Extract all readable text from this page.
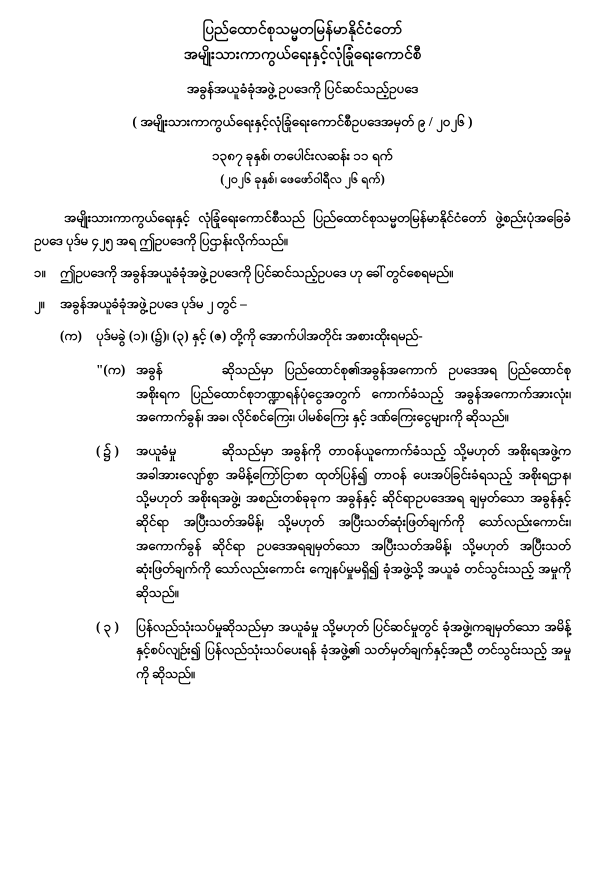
ပြည်ထောင်စုသမ္မတမြန်မာနိုင်ငံတော်
အမျိုးသားကာကွယ်ရေးနှင့်လုံခြုံရေးကောင်စီ
အခွန်အယူခံခုံအဖွဲ့ ဥပဒေကို ပြင်ဆင်သည့်ဥပဒေ
( အမျိုးသားကာကွယ်ရေးနှင့်လုံခြုံရေးကောင်စီဥပဒေအမှတ် ၉ / ၂၀၂၆ )
၁၃၈၇ ခုနှစ်၊ တပေါင်းလဆန်း ၁၁ ရက်
(၂၀၂၆ ခုနှစ်၊ ဖေဖော်ဝါရီလ ၂၆ ရက်)

အမျိုးသားကာကွယ်ရေးနှင့် လုံခြုံရေးကောင်စီသည် ပြည်ထောင်စုသမ္မတမြန်မာနိုင်ငံတော် ဖွဲ့စည်းပုံအခြေခံဥပဒေ ပုဒ်မ ၄၂၅ အရ ဤဥပဒေကို ပြဌာန်းလိုက်သည်။

၁။	ဤဥပဒေကို အခွန်အယူခံခုံအဖွဲ့ဥပဒေကို ပြင်ဆင်သည့်ဥပဒေ ဟု ခေါ်တွင်စေရမည်။
၂။	အခွန်အယူခံခုံအဖွဲ့ဥပဒေ ပုဒ်မ ၂ တွင် –
(က)	ပုဒ်မခွဲ (၁)၊ (၌)၊ (၃) နှင့် (ဇ) တို့ကို အောက်ပါအတိုင်း အစားထိုးရမည်-
"(က) အခွန်	ဆိုသည်မှာ ပြည်ထောင်စု၏အခွန်အကောက် ဥပဒေအရ ပြည်ထောင်စုအစိုးရက ပြည်ထောင်စုဘဏ္ဍာရန်ပုံငွေအတွက် ကောက်ခံသည့် အခွန်အကောက်အားလုံး၊ အကောက်ခွန်၊ အခ၊ လိုင်စင်ကြေး၊ ပါမစ်ကြေး နှင့် ဒဏ်ကြေးငွေများကို ဆိုသည်။
( ၌ )	အယူခံမှု	ဆိုသည်မှာ အခွန်ကို တာဝန်ယူကောက်ခံသည့် သို့မဟုတ် အစိုးရအဖွဲ့က အခါအားလျော်စွာ အမိန့်ကြော်ငြာစာ ထုတ်ပြန်၍ တာဝန် ပေးအပ်ခြင်းခံရသည့် အစိုးရဌာန၊ သို့မဟုတ် အစိုးရအဖွဲ့၊ အစည်းတစ်ခုခုက အခွန်နှင့် ဆိုင်ရာဥပဒေအရ ချမှတ်သော အခွန်နှင့်ဆိုင်ရာ အပြီးသတ်အမိန့်၊ သို့မဟုတ် အပြီးသတ်ဆုံးဖြတ်ချက်ကို သော်လည်းကောင်း၊ အကောက်ခွန် ဆိုင်ရာ ဥပဒေအရချမှတ်သော အပြီးသတ်အမိန့်၊ သို့မဟုတ် အပြီးသတ် ဆုံးဖြတ်ချက်ကို သော်လည်းကောင်း ကျေနပ်မှုမရှိ၍ ခုံအဖွဲ့သို့ အယူခံ တင်သွင်းသည့် အမှုကိုဆိုသည်။
( ၃ )	ပြန်လည်သုံးသပ်မှုဆိုသည်မှာ အယူခံမှု သို့မဟုတ် ပြင်ဆင်မှုတွင် ခုံအဖွဲ့၊ကချမှတ်သော အမိန့်နှင့်စပ်လျဉ်း၍ ပြန်လည်သုံးသပ်ပေးရန် ခုံအဖွဲ့၏ သတ်မှတ်ချက်နှင့်အညီ တင်သွင်းသည့် အမှုကို ဆိုသည်။
